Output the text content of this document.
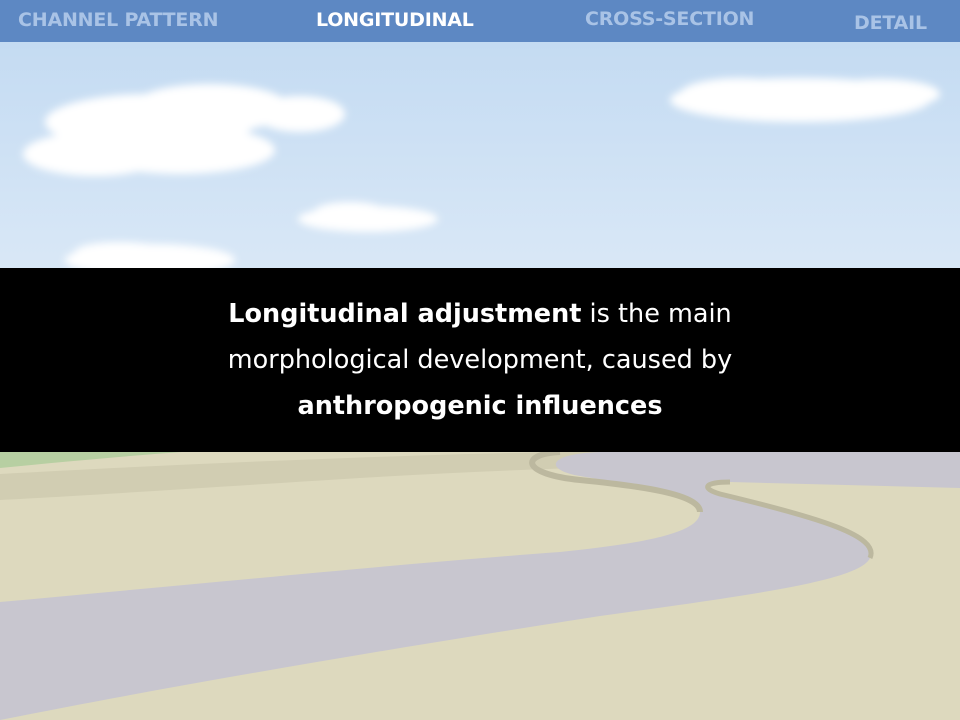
CHANNEL PATTERN	LONGITUDINAL	CROSS-SECTION	DETAIL
Longitudinal adjustment is the main morphological development, caused by anthropogenic influences
